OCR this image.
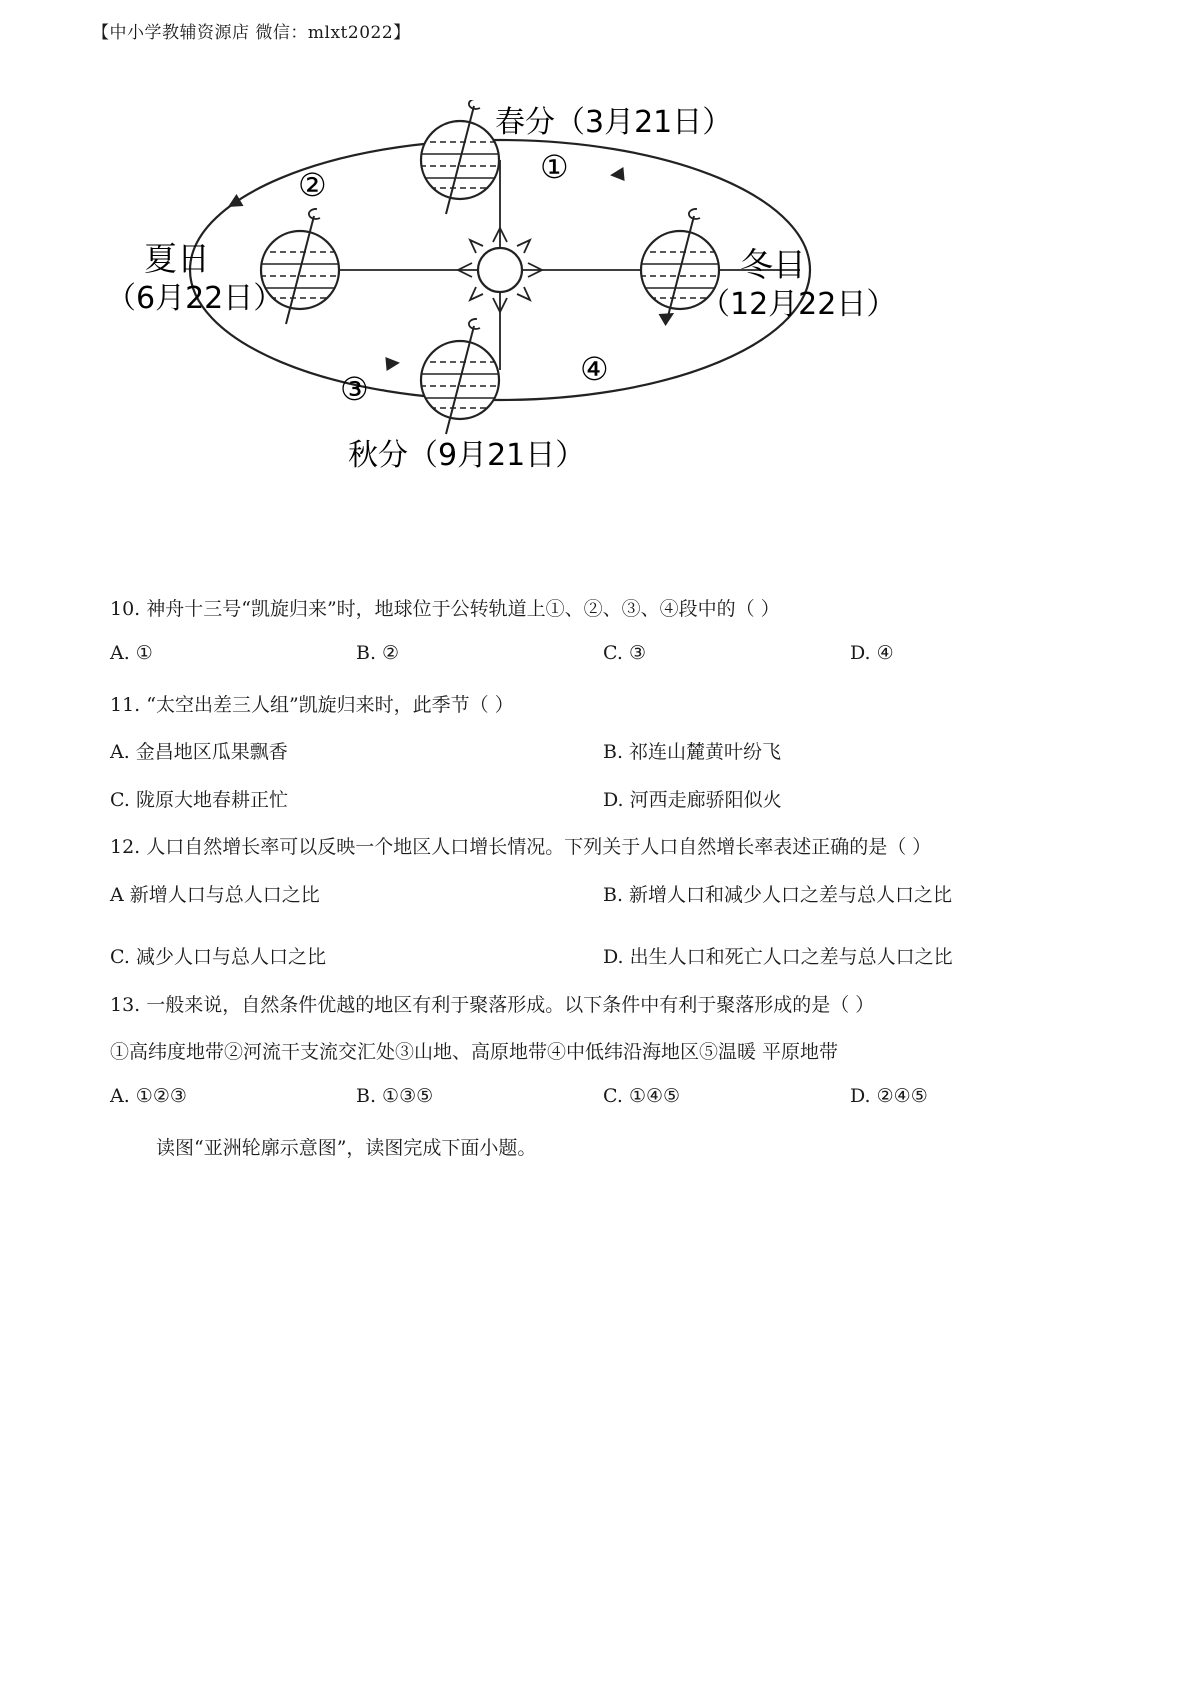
【中小学教辅资源店 微信：mlxt2022】
春分（3月21日）
夏日
（6月22日）
冬日
（12月22日）
秋分（9月21日）
①
②
③
④
10. 神舟十三号“凯旋归来”时，地球位于公转轨道上①、②、③、④段中的（ ）
A. ①	B. ②	C. ③	D. ④
11. “太空出差三人组”凯旋归来时，此季节（ ）
A. 金昌地区瓜果飘香	B. 祁连山麓黄叶纷飞
C. 陇原大地春耕正忙	D. 河西走廊骄阳似火
12. 人口自然增长率可以反映一个地区人口增长情况。下列关于人口自然增长率表述正确的是（ ）
A 新增人口与总人口之比	B. 新增人口和减少人口之差与总人口之比
C. 减少人口与总人口之比	D. 出生人口和死亡人口之差与总人口之比
13. 一般来说，自然条件优越的地区有利于聚落形成。以下条件中有利于聚落形成的是（ ）
①高纬度地带②河流干支流交汇处③山地、高原地带④中低纬沿海地区⑤温暖 平原地带
A. ①②③	B. ①③⑤	C. ①④⑤	D. ②④⑤
读图“亚洲轮廓示意图”，读图完成下面小题。
